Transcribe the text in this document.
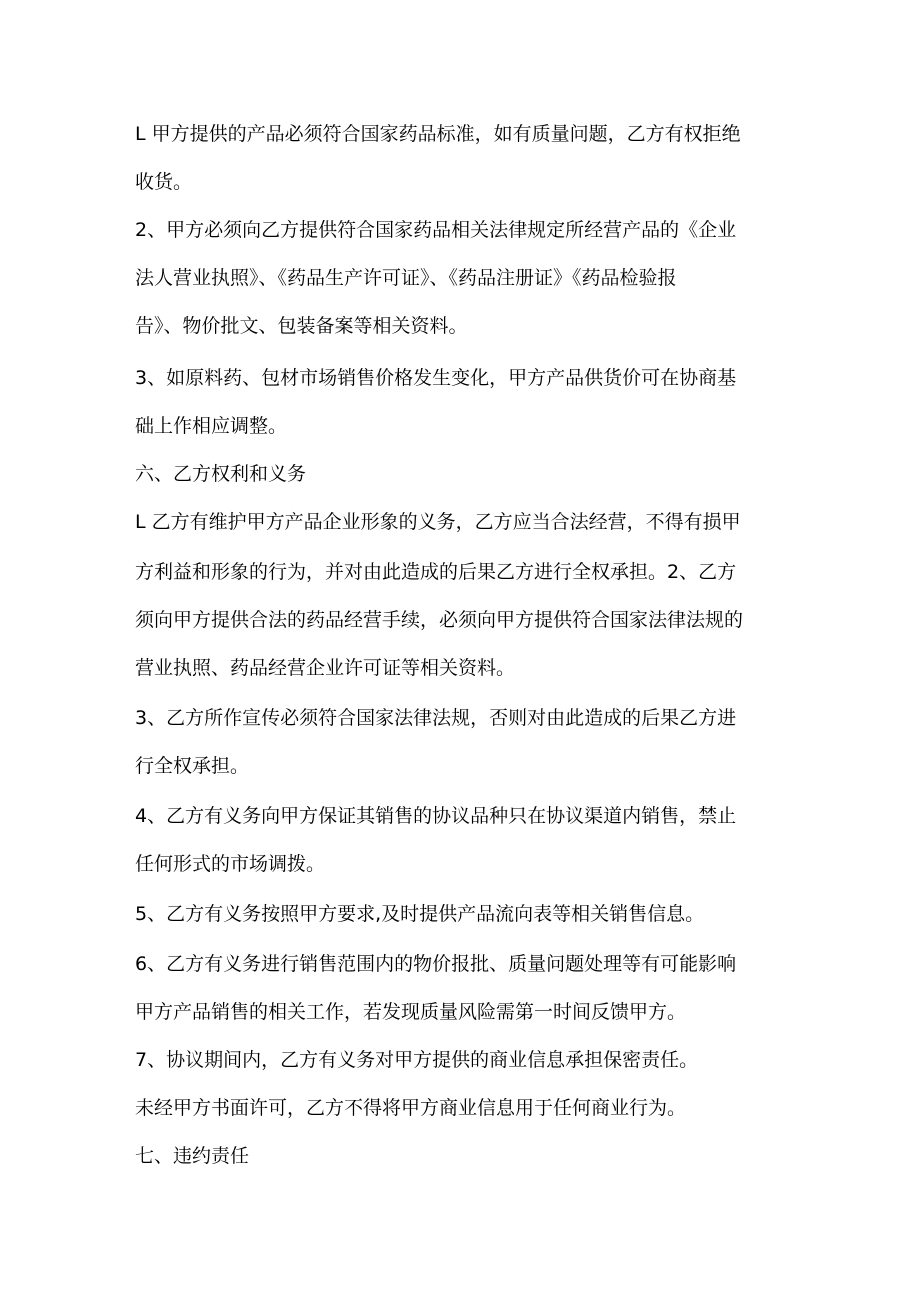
L 甲方提供的产品必须符合国家药品标准，如有质量问题，乙方有权拒绝

收货。

2、甲方必须向乙方提供符合国家药品相关法律规定所经营产品的《企业

法人营业执照》、《药品生产许可证》、《药品注册证》《药品检验报

告》、物价批文、包装备案等相关资料。

3、如原料药、包材市场销售价格发生变化，甲方产品供货价可在协商基

础上作相应调整。

六、乙方权利和义务

L 乙方有维护甲方产品企业形象的义务，乙方应当合法经营，不得有损甲

方利益和形象的行为，并对由此造成的后果乙方进行全权承担。2、乙方

须向甲方提供合法的药品经营手续，必须向甲方提供符合国家法律法规的

营业执照、药品经营企业许可证等相关资料。

3、乙方所作宣传必须符合国家法律法规，否则对由此造成的后果乙方进

行全权承担。

4、乙方有义务向甲方保证其销售的协议品种只在协议渠道内销售，禁止

任何形式的市场调拨。

5、乙方有义务按照甲方要求,及时提供产品流向表等相关销售信息。

6、乙方有义务进行销售范围内的物价报批、质量问题处理等有可能影响

甲方产品销售的相关工作，若发现质量风险需第一时间反馈甲方。

7、协议期间内，乙方有义务对甲方提供的商业信息承担保密责任。

未经甲方书面许可，乙方不得将甲方商业信息用于任何商业行为。

七、违约责任
